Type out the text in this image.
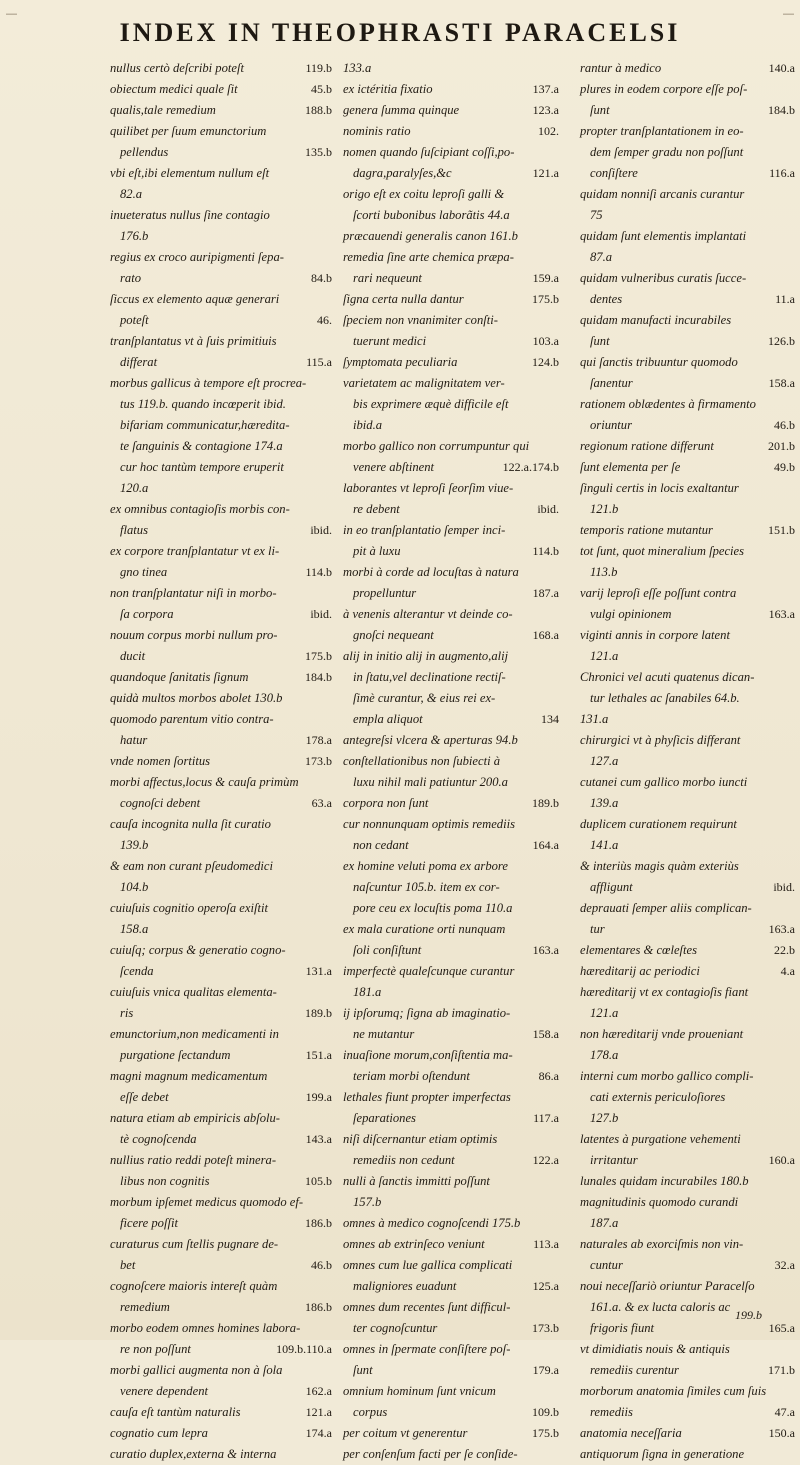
—	—
INDEX IN THEOPHRASTI PARACELSI
119.b
nullus certò deſcribi poteſt
45.b
obiectum medici quale ſit
188.b
qualis,tale remedium
quilibet per ſuum emunctorium
135.b
pellendus
vbi eſt,ibi elementum nullum eſt
82.a
inueteratus nullus ſine contagio
176.b
regius ex croco auripigmenti ſepa-
84.b
rato
ſiccus ex elemento aquæ generari
46.
poteſt
tranſplantatus vt à ſuis primitiuis
115.a
differat
morbus gallicus à tempore eſt procrea-
tus 119.b. quando incœperit ibid.
bifariam communicatur,hæredita-
te ſanguinis & contagione 174.a
cur hoc tantùm tempore eruperit
120.a
ex omnibus contagioſis morbis con-
ibid.
flatus
ex corpore tranſplantatur vt ex li-
114.b
gno tinea
non tranſplantatur niſi in morbo-
ibid.
ſa corpora
nouum corpus morbi nullum pro-
175.b
ducit
184.b
quandoque ſanitatis ſignum
quidà multos morbos abolet 130.b
quomodo parentum vitio contra-
178.a
hatur
173.b
vnde nomen ſortitus
morbi affectus,locus & cauſa primùm
63.a
cognoſci debent
cauſa incognita nulla ſit curatio
139.b
& eam non curant pſeudomedici
104.b
cuiuſuis cognitio operoſa exiſtit
158.a
cuiuſq; corpus & generatio cogno-
131.a
ſcenda
cuiuſuis vnica qualitas elementa-
189.b
ris
emunctorium,non medicamenti in
151.a
purgatione ſectandum
magni magnum medicamentum
199.a
eſſe debet
natura etiam ab empiricis abſolu-
143.a
tè cognoſcenda
nullius ratio reddi poteſt minera-
105.b
libus non cognitis
morbum ipſemet medicus quomodo ef-
186.b
ficere poſſit
curaturus cum ſtellis pugnare de-
46.b
bet
cognoſcere maioris intereſt quàm
186.b
remedium
morbo eodem omnes homines labora-
109.b.110.a
re non poſſunt
morbi gallici augmenta non à ſola
162.a
venere dependent
121.a
cauſa eſt tantùm naturalis
174.a
cognatio cum lepra
curatio duplex,externa & interna
133.a
137.a
ex ictéritia fixatio
123.a
genera ſumma quinque
102.
nominis ratio
nomen quando ſuſcipiant coſſi,po-
121.a
dagra,paralyſes,&c
origo eſt ex coitu leproſi galli &
ſcorti bubonibus laborãtis 44.a
præcauendi generalis canon 161.b
remedia ſine arte chemica præpa-
159.a
rari nequeunt
175.b
ſigna certa nulla dantur
ſpeciem non vnanimiter conſti-
103.a
tuerunt medici
124.b
ſymptomata peculiaria
varietatem ac malignitatem ver-
bis exprimere æquè difficile eſt
ibid.a
morbo gallico non corrumpuntur qui
122.a.174.b
venere abſtinent
laborantes vt leproſi ſeorſim viue-
ibid.
re debent
in eo tranſplantatio ſemper inci-
114.b
pit à luxu
morbi à corde ad locuſtas à natura
187.a
propelluntur
à venenis alterantur vt deinde co-
168.a
gnoſci nequeant
alij in initio alij in augmento,alij
in ſtatu,vel declinatione rectiſ-
ſimè curantur, & eius rei ex-
134
empla aliquot
antegreſsi vlcera & aperturas 94.b
conſtellationibus non ſubiecti à
luxu nihil mali patiuntur 200.a
189.b
corpora non ſunt
cur nonnunquam optimis remediis
164.a
non cedant
ex homine veluti poma ex arbore
naſcuntur 105.b. item ex cor-
pore ceu ex locuſtis poma 110.a
ex mala curatione orti nunquam
163.a
ſoli conſiſtunt
imperfectè qualeſcunque curantur
181.a
ij ipſorumq; ſigna ab imaginatio-
158.a
ne mutantur
inuaſione morum,conſiſtentia ma-
86.a
teriam morbi oſtendunt
lethales fiunt propter imperfectas
117.a
ſeparationes
niſi diſcernantur etiam optimis
122.a
remediis non cedunt
nulli à ſanctis immitti poſſunt
157.b
omnes à medico cognoſcendi 175.b
113.a
omnes ab extrinſeco veniunt
omnes cum lue gallica complicati
125.a
maligniores euadunt
omnes dum recentes ſunt difficul-
173.b
ter cognoſcuntur
omnes in ſpermate conſiſtere poſ-
179.a
ſunt
omnium hominum ſunt vnicum
109.b
corpus
175.b
per coitum vt generentur
per conſenſum facti per ſe conſide-
140.a
rantur à medico
plures in eodem corpore eſſe poſ-
184.b
ſunt
propter tranſplantationem in eo-
dem ſemper gradu non poſſunt
116.a
conſiſtere
quidam nonniſi arcanis curantur
75
quidam ſunt elementis implantati
87.a
quidam vulneribus curatis ſucce-
11.a
dentes
quidam manufacti incurabiles
126.b
ſunt
qui ſanctis tribuuntur quomodo
158.a
ſanentur
rationem oblædentes à firmamento
46.b
oriuntur
201.b
regionum ratione differunt
49.b
ſunt elementa per ſe
ſinguli certis in locis exaltantur
121.b
151.b
temporis ratione mutantur
tot ſunt, quot mineralium ſpecies
113.b
varij leproſi eſſe poſſunt contra
163.a
vulgi opinionem
viginti annis in corpore latent
121.a
Chronici vel acuti quatenus dican-
tur lethales ac ſanabiles 64.b.
131.a
chirurgici vt à phyſicis differant
127.a
cutanei cum gallico morbo iuncti
139.a
duplicem curationem requirunt
141.a
& interiùs magis quàm exteriùs
ibid.
affligunt
deprauati ſemper aliis complican-
163.a
tur
22.b
elementares & cœleſtes
4.a
hæreditarij ac periodici
hæreditarij vt ex contagioſis fiant
121.a
non hæreditarij vnde proueniant
178.a
interni cum morbo gallico compli-
cati externis periculoſiores
127.b
latentes à purgatione vehementi
160.a
irritantur
lunales quidam incurabiles 180.b
magnitudinis quomodo curandi
187.a
naturales ab exorciſmis non vin-
32.a
cuntur
noui neceſſariò oriuntur Paracelſo
161.a. & ex lucta caloris ac
165.a
frigoris fiunt
vt dimidiatis nouis & antiquis
171.b
remediis curentur
morborum anatomia ſimiles cum ſuis
47.a
remediis
150.a
anatomia neceſſaria
antiquorum ſigna in generatione
199.b
